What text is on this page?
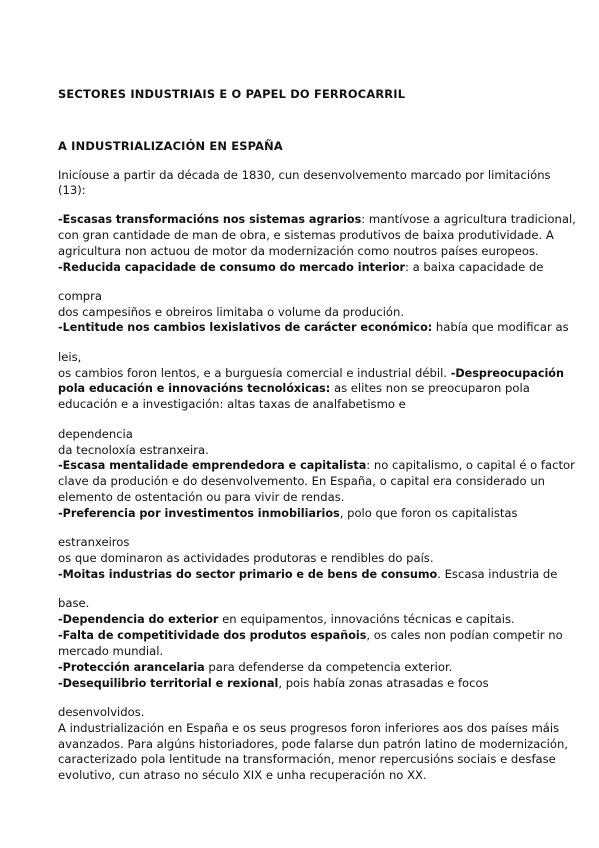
SECTORES INDUSTRIAIS E O PAPEL DO FERROCARRIL
A INDUSTRIALIZACIÓN EN ESPAÑA
Inicíouse a partir da década de 1830, cun desenvolvemento marcado por limitacións
(13):
-Escasas transformacións nos sistemas agrarios: mantívose a agricultura tradicional,
con gran cantidade de man de obra, e sistemas produtivos de baixa produtividade. A
agricultura non actuou de motor da modernización como noutros países europeos.
-Reducida capacidade de consumo do mercado interior: a baixa capacidade de
compra
dos campesiños e obreiros limitaba o volume da produción.
-Lentitude nos cambios lexislativos de carácter económico: había que modificar as
leis,
os cambios foron lentos, e a burguesía comercial e industrial débil. -Despreocupación
pola educación e innovacións tecnolóxicas: as elites non se preocuparon pola
educación e a investigación: altas taxas de analfabetismo e
dependencia
da tecnoloxía estranxeira.
-Escasa mentalidade emprendedora e capitalista: no capitalismo, o capital é o factor
clave da produción e do desenvolvemento. En España, o capital era considerado un
elemento de ostentación ou para vivir de rendas.
-Preferencia por investimentos inmobiliarios, polo que foron os capitalistas
estranxeiros
os que dominaron as actividades produtoras e rendibles do país.
-Moitas industrias do sector primario e de bens de consumo. Escasa industria de
base.
-Dependencia do exterior en equipamentos, innovacións técnicas e capitais.
-Falta de competitividade dos produtos españois, os cales non podían competir no
mercado mundial.
-Protección arancelaria para defenderse da competencia exterior.
-Desequilibrio territorial e rexional, pois había zonas atrasadas e focos
desenvolvidos.
A industrialización en España e os seus progresos foron inferiores aos dos países máis
avanzados. Para algúns historiadores, pode falarse dun patrón latino de modernización,
caracterizado pola lentitude na transformación, menor repercusións sociais e desfase
evolutivo, cun atraso no século XIX e unha recuperación no XX.
